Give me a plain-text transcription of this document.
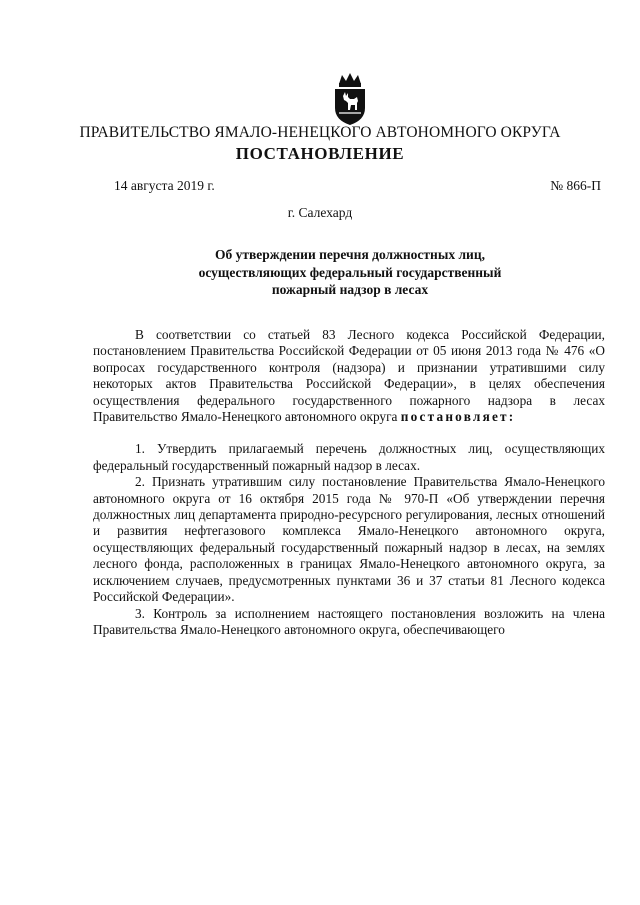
ПРАВИТЕЛЬСТВО ЯМАЛО-НЕНЕЦКОГО АВТОНОМНОГО ОКРУГА
ПОСТАНОВЛЕНИЕ
14 августа 2019 г.	№ 866-П
г. Салехард
Об утверждении перечня должностных лиц,
осуществляющих федеральный государственный
пожарный надзор в лесах

В соответствии со статьей 83 Лесного кодекса Российской Федерации, постановлением Правительства Российской Федерации от 05 июня 2013 года № 476 «О вопросах государственного контроля (надзора) и признании утратившими силу некоторых актов Правительства Российской Федерации», в целях обеспечения осуществления федерального государственного пожарного надзора в лесах Правительство Ямало-Ненецкого автономного округа постановляет:

1. Утвердить прилагаемый перечень должностных лиц, осуществляющих федеральный государственный пожарный надзор в лесах.

2. Признать утратившим силу постановление Правительства Ямало-Ненецкого автономного округа от 16 октября 2015 года № 970-П «Об утверждении перечня должностных лиц департамента природно-ресурсного регулирования, лесных отношений и развития нефтегазового комплекса Ямало-Ненецкого автономного округа, осуществляющих федеральный государственный пожарный надзор в лесах, на землях лесного фонда, расположенных в границах Ямало-Ненецкого автономного округа, за исключением случаев, предусмотренных пунктами 36 и 37 статьи 81 Лесного кодекса Российской Федерации».

3. Контроль за исполнением настоящего постановления возложить на члена Правительства Ямало-Ненецкого автономного округа, обеспечивающего
